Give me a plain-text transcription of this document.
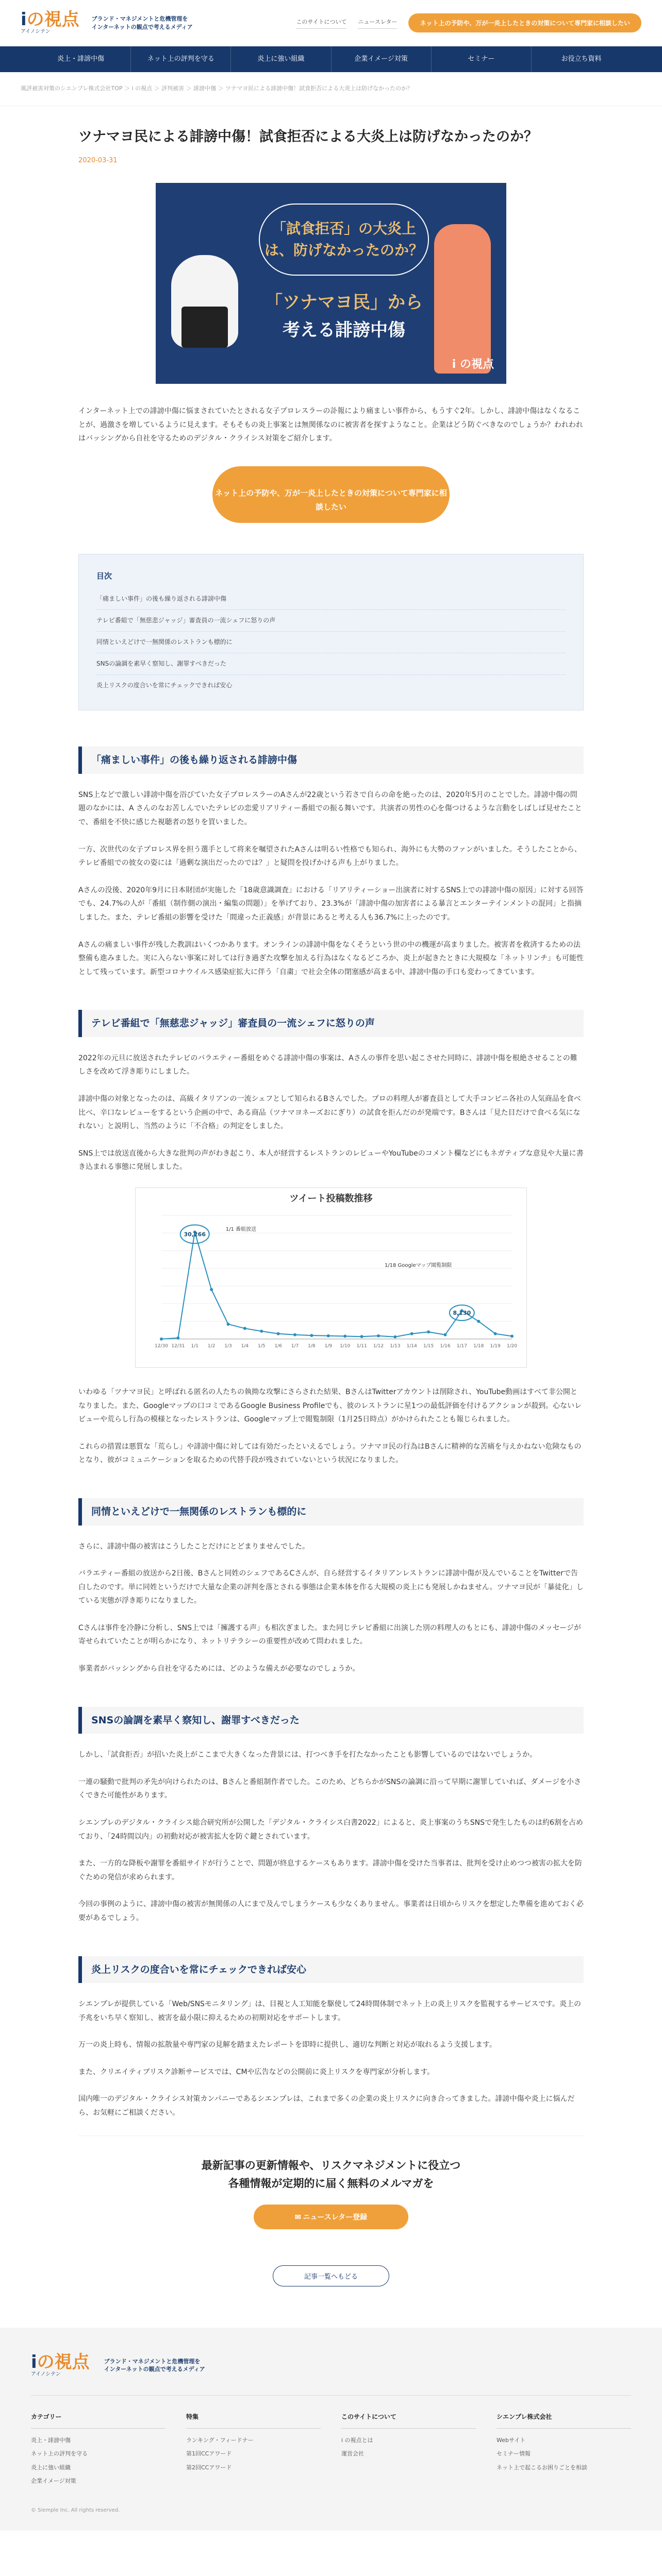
iの視点
アイノシテン
ブランド・マネジメントと危機管理を
インターネットの観点で考えるメディア
このサイトについて ニュースレター	ネット上の予防や、万が一炎上したときの対策について専門家に相談したい
炎上・誹謗中傷	ネット上の評判を守る	炎上に強い組織	企業イメージ対策	セミナー	お役立ち資料
風評被害対策のシエンプレ株式会社TOP ＞ i の視点 ＞ 評判被害 ＞ 誹謗中傷 ＞ ツナマヨ民による誹謗中傷！試食拒否による大炎上は防げなかったのか？
ツナマヨ民による誹謗中傷！試食拒否による大炎上は防げなかったのか？
2020-03-31
「試食拒否」の大炎上は、防げなかったのか？
「ツナマヨ民」から
考える誹謗中傷
i の視点

インターネット上での誹謗中傷に悩まされていたとされる女子プロレスラーの訃報により痛ましい事件から、もうすぐ2年。しかし、誹謗中傷はなくなることが、過激さを増しているように見えます。そもそもの炎上事案とは無関係なのに被害者を探すようなこと。企業はどう防ぐべきなのでしょうか？われわれはバッシングから自社を守るためのデジタル・クライシス対策をご紹介します。

ネット上の予防や、万が一炎上したときの対策について専門家に相談したい
目次
「痛ましい事件」の後も繰り返される誹謗中傷
テレビ番組で「無慈悲ジャッジ」審査員の一流シェフに怒りの声
同情といえどけで一無関係のレストランも標的に
SNSの論調を素早く察知し、謝罪すべきだった
炎上リスクの度合いを常にチェックできれば安心
「痛ましい事件」の後も繰り返される誹謗中傷

SNS上などで激しい誹謗中傷を浴びていた女子プロレスラーのAさんが22歳という若さで自らの命を絶ったのは、2020年5月のことでした。誹謗中傷の問題のなかには、A さんのなお苦しんでいたテレビの恋愛リアリティー番組での振る舞いです。共演者の男性の心を傷つけるような言動をしばしば見せたことで、番組を不快に感じた視聴者の怒りを買いました。

一方、次世代の女子プロレス界を担う選手として将来を嘱望されたAさんは明るい性格でも知られ、海外にも大勢のファンがいました。そうしたことから、テレビ番組での彼女の姿には「過剰な演出だったのでは？」と疑問を投げかける声も上がりました。

Aさんの没後、2020年9月に日本財団が実施した「18歳意識調査」における「リアリティーショー出演者に対するSNS上での誹謗中傷の原因」に対する回答でも、24.7%の人が「番組（制作側の演出・編集の問題）」を挙げており、23.3%が「誹謗中傷の加害者による暴言とエンターテインメントの混同」と指摘しました。また、テレビ番組の影響を受けた「間違った正義感」が背景にあると考える人も36.7%に上ったのです。

Aさんの痛ましい事件が残した教訓はいくつかあります。オンラインの誹謗中傷をなくそうという世の中の機運が高まりました。被害者を救済するための法整備も進みました。実に入らない事案に対しては行き過ぎた攻撃を加える行為はなくなるどころか、炎上が起きたときに大規模な「ネットリンチ」も可能性として残っています。新型コロナウイルス感染症拡大に伴う「自粛」で社会全体の閉塞感が高まる中、誹謗中傷の手口も変わってきています。

テレビ番組で「無慈悲ジャッジ」審査員の一流シェフに怒りの声

2022年の元旦に放送されたテレビのバラエティー番組をめぐる誹謗中傷の事案は、Aさんの事件を思い起こさせた同時に、誹謗中傷を根絶させることの難しさを改めて浮き彫りにしました。

誹謗中傷の対象となったのは、高級イタリアンの一流シェフとして知られるBさんでした。プロの料理人が審査員として大手コンビニ各社の人気商品を食べ比べ、辛口なレビューをするという企画の中で、ある商品（ツナマヨネーズおにぎり）の試食を拒んだのが発端です。Bさんは「見た目だけで食べる気になれない」と説明し、当然のように「不合格」の判定をしました。

SNS上では放送直後から大きな批判の声がわき起こり、本人が経営するレストランのレビューやYouTubeのコメント欄などにもネガティブな意見や大量に書き込まれる事態に発展しました。

ツイート投稿数推移
12/30 12/31 1/1 1/2 1/3 1/4 1/5 1/6 1/7 1/8 1/9 1/10 1/11 1/12 1/13 1/14 1/15 1/16 1/17 1/18 1/19 1/20
30,266
8,130
1/1 番組放送
1/18 Googleマップ閲覧制限

いわゆる「ツナマヨ民」と呼ばれる匿名の人たちの執拗な攻撃にさらされた結果、BさんはTwitterアカウントは削除され、YouTube動画はすべて非公開となりました。また、Googleマップの口コミであるGoogle Business Profileでも、彼のレストランに星1つの最低評価を付けるアクションが殺到。心ないレビューや荒らし行為の模様となったレストランは、Googleマップ上で閲覧制限（1月25日時点）がかけられたことも報じられました。

これらの措置は悪質な「荒らし」や誹謗中傷に対しては有効だったといえるでしょう。ツナマヨ民の行為はBさんに精神的な苦痛を与えかねない危険なものとなり、彼がコミュニケーションを取るための代替手段が残されていないという状況になりました。

同情といえどけで一無関係のレストランも標的に

さらに、誹謗中傷の被害はこうしたことだけにとどまりませんでした。

バラエティー番組の放送から2日後、Bさんと同姓のシェフであるCさんが、自ら経営するイタリアンレストランに誹謗中傷が及んでいることをTwitterで告白したのです。単に同姓というだけで大量な企業の評判を落とされる事態は企業本体を作る大規模の炎上にも発展しかねません。ツナマヨ民が「暴徒化」している実態が浮き彫りになりました。

Cさんは事件を冷静に分析し、SNS上では「擁護する声」も相次ぎました。また同じテレビ番組に出演した別の料理人のもとにも、誹謗中傷のメッセージが寄せられていたことが明らかになり、ネットリテラシーの重要性が改めて問われました。

事業者がバッシングから自社を守るためには、どのような備えが必要なのでしょうか。

SNSの論調を素早く察知し、謝罪すべきだった

しかし、「試食拒否」が招いた炎上がここまで大きくなった背景には、打つべき手を打たなかったことも影響しているのではないでしょうか。

一連の騒動で批判の矛先が向けられたのは、Bさんと番組制作者でした。このため、どちらかがSNSの論調に沿って早期に謝罪していれば、ダメージを小さくできた可能性があります。

シエンプレのデジタル・クライシス総合研究所が公開した「デジタル・クライシス白書2022」によると、炎上事案のうちSNSで発生したものは約6割を占めており、「24時間以内」の初動対応が被害拡大を防ぐ鍵とされています。

また、一方的な降板や謝罪を番組サイドが行うことで、問題が終息するケースもあります。誹謗中傷を受けた当事者は、批判を受け止めつつ被害の拡大を防ぐための発信が求められます。

今回の事例のように、誹謗中傷の被害が無関係の人にまで及んでしまうケースも少なくありません。事業者は日頃からリスクを想定した準備を進めておく必要があるでしょう。

炎上リスクの度合いを常にチェックできれば安心

シエンプレが提供している「Web/SNSモニタリング」は、目視と人工知能を駆使して24時間体制でネット上の炎上リスクを監視するサービスです。炎上の予兆をいち早く察知し、被害を最小限に抑えるための初期対応をサポートします。

万一の炎上時も、情報の拡散量や専門家の見解を踏まえたレポートを即時に提供し、適切な判断と対応が取れるよう支援します。

また、クリエイティブリスク診断サービスでは、CMや広告などの公開前に炎上リスクを専門家が分析します。

国内唯一のデジタル・クライシス対策カンパニーであるシエンプレは、これまで多くの企業の炎上リスクに向き合ってきました。誹謗中傷や炎上に悩んだら、お気軽にご相談ください。

最新記事の更新情報や、リスクマネジメントに役立つ
各種情報が定期的に届く無料のメルマガを
✉ ニュースレター登録
記事一覧へもどる
iの視点
アイノシテン
ブランド・マネジメントと危機管理を
インターネットの観点で考えるメディア
カテゴリー
炎上・誹謗中傷
ネット上の評判を守る
炎上に強い組織
企業イメージ対策
特集
ランキング・フィードナー
第1回CCアワード
第2回CCアワード
このサイトについて
i の視点とは
運営会社
シエンプレ株式会社
Webサイト
セミナー情報
ネット上で起こるお困りごとを相談
© Siemple Inc. All rights reserved.
